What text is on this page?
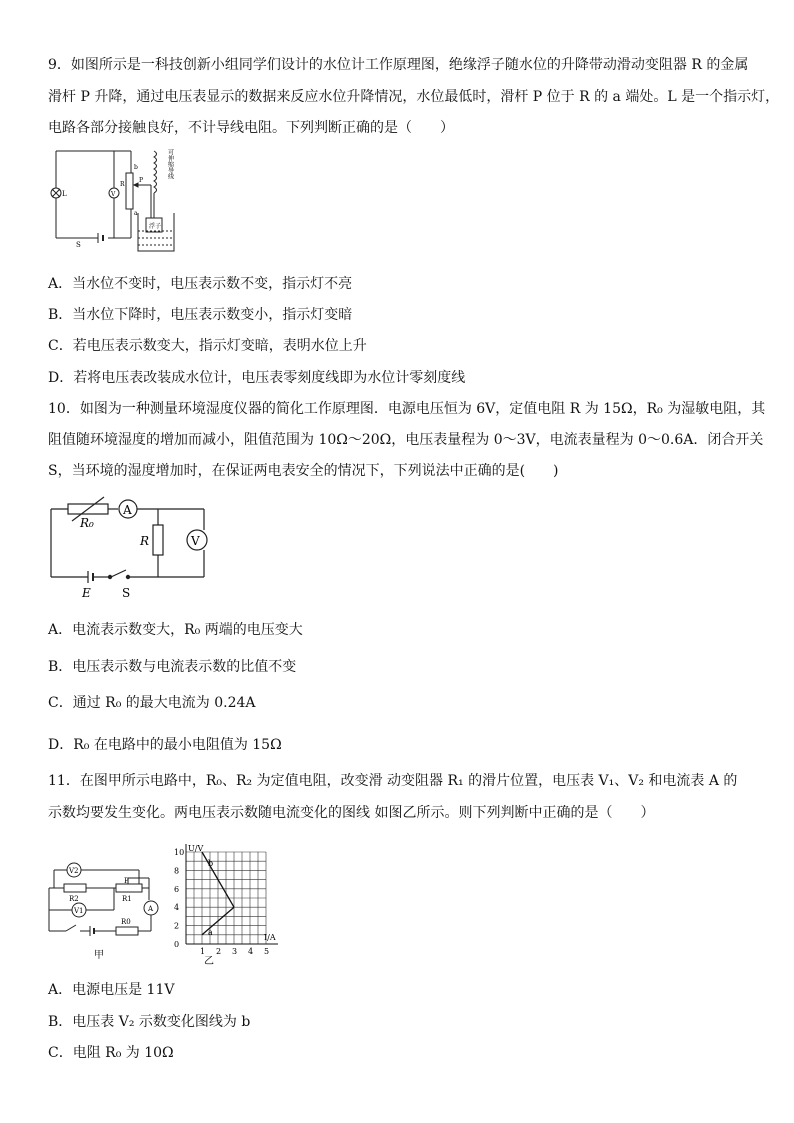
9．如图所示是一科技创新小组同学们设计的水位计工作原理图，绝缘浮子随水位的升降带动滑动变阻器 R 的金属
滑杆 P 升降，通过电压表显示的数据来反应水位升降情况，水位最低时，滑杆 P 位于 R 的 a 端处。L 是一个指示灯，
电路各部分接触良好，不计导线电阻。下列判断正确的是（　　）
L
S
R
V
P
b
a
可伸缩导线
浮子
A．当水位不变时，电压表示数不变，指示灯不亮
B．当水位下降时，电压表示数变小，指示灯变暗
C．若电压表示数变大，指示灯变暗，表明水位上升
D．若将电压表改装成水位计，电压表零刻度线即为水位计零刻度线
10．如图为一种测量环境湿度仪器的简化工作原理图．电源电压恒为 6V，定值电阻 R 为 15Ω，R₀ 为湿敏电阻，其
阻值随环境湿度的增加而减小，阻值范围为 10Ω～20Ω，电压表量程为 0～3V，电流表量程为 0～0.6A．闭合开关
S，当环境的湿度增加时，在保证两电表安全的情况下，下列说法中正确的是(　　)
R₀
A
R	V
E	S
A．电流表示数变大，R₀ 两端的电压变大
B．电压表示数与电流表示数的比值不变
C．通过 R₀ 的最大电流为 0.24A
D．R₀ 在电路中的最小电阻值为 15Ω
11．在图甲所示电路中，R₀、R₂ 为定值电阻，改变滑 动变阻器 R₁ 的滑片位置，电压表 V₁、V₂ 和电流表 A 的
示数均要发生变化。两电压表示数随电流变化的图线 如图乙所示。则下列判断中正确的是（　　）
V2
R2
P
R1
V1	A
R0
甲
b
a
0
2
4
6
8
10
1 2 3 4 5
U/V
I/A
乙
A．电源电压是 11V
B．电压表 V₂ 示数变化图线为 b
C．电阻 R₀ 为 10Ω
